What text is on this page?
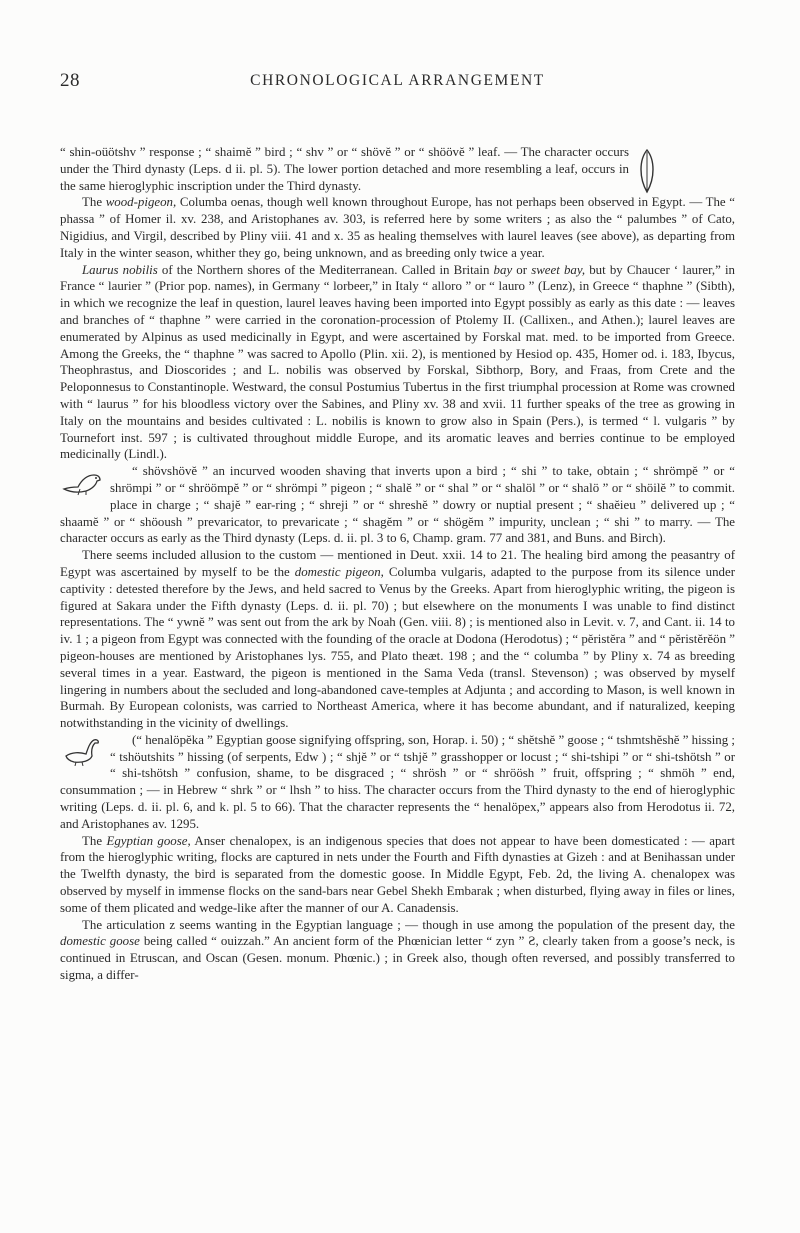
28	CHRONOLOGICAL ARRANGEMENT

“ shin-oüötshv ” response ; “ shaimĕ ” bird ; “ shv ” or “ shövĕ ” or “ shöövĕ ” leaf. — The character occurs under the Third dynasty (Leps. d ii. pl. 5). The lower portion detached and more resembling a leaf, occurs in the same hieroglyphic inscription under the Third dynasty.

The wood-pigeon, Columba oenas, though well known throughout Europe, has not perhaps been observed in Egypt. — The “ phassa ” of Homer il. xv. 238, and Aristophanes av. 303, is referred here by some writers ; as also the “ palumbes ” of Cato, Nigidius, and Virgil, described by Pliny viii. 41 and x. 35 as healing themselves with laurel leaves (see above), as departing from Italy in the winter season, whither they go, being unknown, and as breeding only twice a year.

Laurus nobilis of the Northern shores of the Mediterranean. Called in Britain bay or sweet bay, but by Chaucer ‘ laurer,” in France “ laurier ” (Prior pop. names), in Germany “ lorbeer,” in Italy “ alloro ” or “ lauro ” (Lenz), in Greece “ thaphne ” (Sibth), in which we recognize the leaf in question, laurel leaves having been imported into Egypt possibly as early as this date : — leaves and branches of “ thaphne ” were carried in the coronation-procession of Ptolemy II. (Callixen., and Athen.); laurel leaves are enumerated by Alpinus as used medicinally in Egypt, and were ascertained by Forskal mat. med. to be imported from Greece. Among the Greeks, the “ thaphne ” was sacred to Apollo (Plin. xii. 2), is mentioned by Hesiod op. 435, Homer od. i. 183, Ibycus, Theophrastus, and Dioscorides ; and L. nobilis was observed by Forskal, Sibthorp, Bory, and Fraas, from Crete and the Peloponnesus to Constantinople. Westward, the consul Postumius Tubertus in the first triumphal procession at Rome was crowned with “ laurus ” for his bloodless victory over the Sabines, and Pliny xv. 38 and xvii. 11 further speaks of the tree as growing in Italy on the mountains and besides cultivated : L. nobilis is known to grow also in Spain (Pers.), is termed “ l. vulgaris ” by Tournefort inst. 597 ; is cultivated throughout middle Europe, and its aromatic leaves and berries continue to be employed medicinally (Lindl.).

“ shövshövĕ ” an incurved wooden shaving that inverts upon a bird ; “ shi ” to take, obtain ; “ shrömpĕ ” or “ shrömpi ” or “ shröömpĕ ” or “ shrömpi ” pigeon ; “ shalĕ ” or “ shal ” or “ shalöl ” or “ shalö ” or “ shöilĕ ” to commit. place in charge ; “ shajĕ ” ear-ring ; “ shreji ” or “ shreshĕ ” dowry or nuptial present ; “ shaĕieu ” delivered up ; “ shaamĕ ” or “ shöoush ” prevaricator, to prevaricate ; “ shagĕm ” or “ shögĕm ” impurity, unclean ; “ shi ” to marry. — The character occurs as early as the Third dynasty (Leps. d. ii. pl. 3 to 6, Champ. gram. 77 and 381, and Buns. and Birch).

There seems included allusion to the custom — mentioned in Deut. xxii. 14 to 21. The healing bird among the peasantry of Egypt was ascertained by myself to be the domestic pigeon, Columba vulgaris, adapted to the purpose from its silence under captivity : detested therefore by the Jews, and held sacred to Venus by the Greeks. Apart from hieroglyphic writing, the pigeon is figured at Sakara under the Fifth dynasty (Leps. d. ii. pl. 70) ; but elsewhere on the monuments I was unable to find distinct representations. The “ ywnĕ ” was sent out from the ark by Noah (Gen. viii. 8) ; is mentioned also in Levit. v. 7, and Cant. ii. 14 to iv. 1 ; a pigeon from Egypt was connected with the founding of the oracle at Dodona (Herodotus) ; “ pĕristĕra ” and “ pĕristĕrĕön ” pigeon-houses are mentioned by Aristophanes lys. 755, and Plato theæt. 198 ; and the “ columba ” by Pliny x. 74 as breeding several times in a year. Eastward, the pigeon is mentioned in the Sama Veda (transl. Stevenson) ; was observed by myself lingering in numbers about the secluded and long-abandoned cave-temples at Adjunta ; and according to Mason, is well known in Burmah. By European colonists, was carried to Northeast America, where it has become abundant, and if naturalized, keeping notwithstanding in the vicinity of dwellings.

(“ henalöpĕka ” Egyptian goose signifying offspring, son, Horap. i. 50) ; “ shĕtshĕ ” goose ; “ tshmtshĕshĕ ” hissing ; “ tshöutshits ” hissing (of serpents, Edw ) ; “ shjĕ ” or “ tshjĕ ” grasshopper or locust ; “ shi-tshipi ” or “ shi-tshötsh ” or “ shi-tshötsh ” confusion, shame, to be disgraced ; “ shrösh ” or “ shröösh ” fruit, offspring ; “ shmöh ” end, consummation ; — in Hebrew “ shrk ” or “ lhsh ” to hiss. The character occurs from the Third dynasty to the end of hieroglyphic writing (Leps. d. ii. pl. 6, and k. pl. 5 to 66). That the character represents the “ henalöpex,” appears also from Herodotus ii. 72, and Aristophanes av. 1295.

The Egyptian goose, Anser chenalopex, is an indigenous species that does not appear to have been domesticated : — apart from the hieroglyphic writing, flocks are captured in nets under the Fourth and Fifth dynasties at Gizeh : and at Benihassan under the Twelfth dynasty, the bird is separated from the domestic goose. In Middle Egypt, Feb. 2d, the living A. chenalopex was observed by myself in immense flocks on the sand-bars near Gebel Shekh Embarak ; when disturbed, flying away in files or lines, some of them plicated and wedge-like after the manner of our A. Canadensis.

The articulation z seems wanting in the Egyptian language ; — though in use among the population of the present day, the domestic goose being called “ ouizzah.” An ancient form of the Phœnician letter “ zyn ” Ƨ, clearly taken from a goose’s neck, is continued in Etruscan, and Oscan (Gesen. monum. Phœnic.) ; in Greek also, though often reversed, and possibly transferred to sigma, a differ-
